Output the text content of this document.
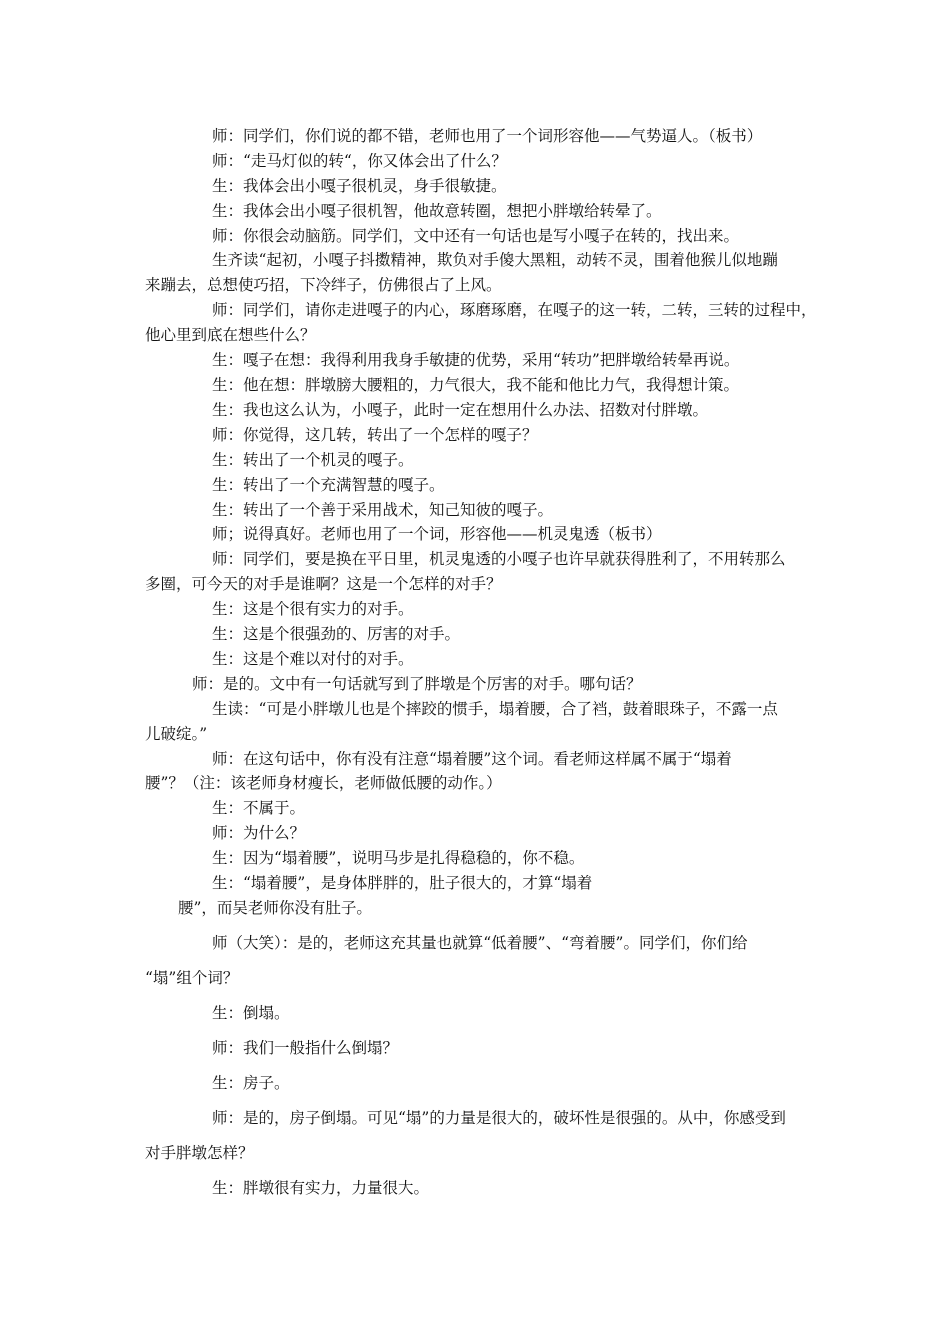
师：同学们，你们说的都不错，老师也用了一个词形容他——气势逼人。（板书）
师：“走马灯似的转“，你又体会出了什么？
生：我体会出小嘎子很机灵，身手很敏捷。
生：我体会出小嘎子很机智，他故意转圈，想把小胖墩给转晕了。
师：你很会动脑筋。同学们，文中还有一句话也是写小嘎子在转的，找出来。
生齐读“起初，小嘎子抖擞精神，欺负对手傻大黑粗，动转不灵，围着他猴儿似地蹦
来蹦去，总想使巧招，下冷绊子，仿佛很占了上风。
师：同学们，请你走进嘎子的内心，琢磨琢磨，在嘎子的这一转，二转，三转的过程中，
他心里到底在想些什么？
生：嘎子在想：我得利用我身手敏捷的优势，采用“转功”把胖墩给转晕再说。
生：他在想：胖墩膀大腰粗的，力气很大，我不能和他比力气，我得想计策。
生：我也这么认为，小嘎子，此时一定在想用什么办法、招数对付胖墩。
师：你觉得，这几转，转出了一个怎样的嘎子？
生：转出了一个机灵的嘎子。
生：转出了一个充满智慧的嘎子。
生：转出了一个善于采用战术，知己知彼的嘎子。
师；说得真好。老师也用了一个词，形容他——机灵鬼透（板书）
师：同学们，要是换在平日里，机灵鬼透的小嘎子也许早就获得胜利了，不用转那么
多圈，可今天的对手是谁啊？这是一个怎样的对手？
生：这是个很有实力的对手。
生：这是个很强劲的、厉害的对手。
生：这是个难以对付的对手。
师：是的。文中有一句话就写到了胖墩是个厉害的对手。哪句话？
生读：“可是小胖墩儿也是个摔跤的惯手，塌着腰，合了裆，鼓着眼珠子，不露一点
儿破绽。”
师：在这句话中，你有没有注意“塌着腰”这个词。看老师这样属不属于“塌着
腰”？（注：该老师身材瘦长，老师做低腰的动作。）
生：不属于。
师：为什么？
生：因为“塌着腰”，说明马步是扎得稳稳的，你不稳。
生：“塌着腰”，是身体胖胖的，肚子很大的，才算“塌着
腰”，而吴老师你没有肚子。
师（大笑）：是的，老师这充其量也就算“低着腰”、“弯着腰”。同学们，你们给
“塌”组个词？
生：倒塌。
师：我们一般指什么倒塌？
生：房子。
师：是的，房子倒塌。可见“塌”的力量是很大的，破坏性是很强的。从中，你感受到
对手胖墩怎样？
生：胖墩很有实力，力量很大。
